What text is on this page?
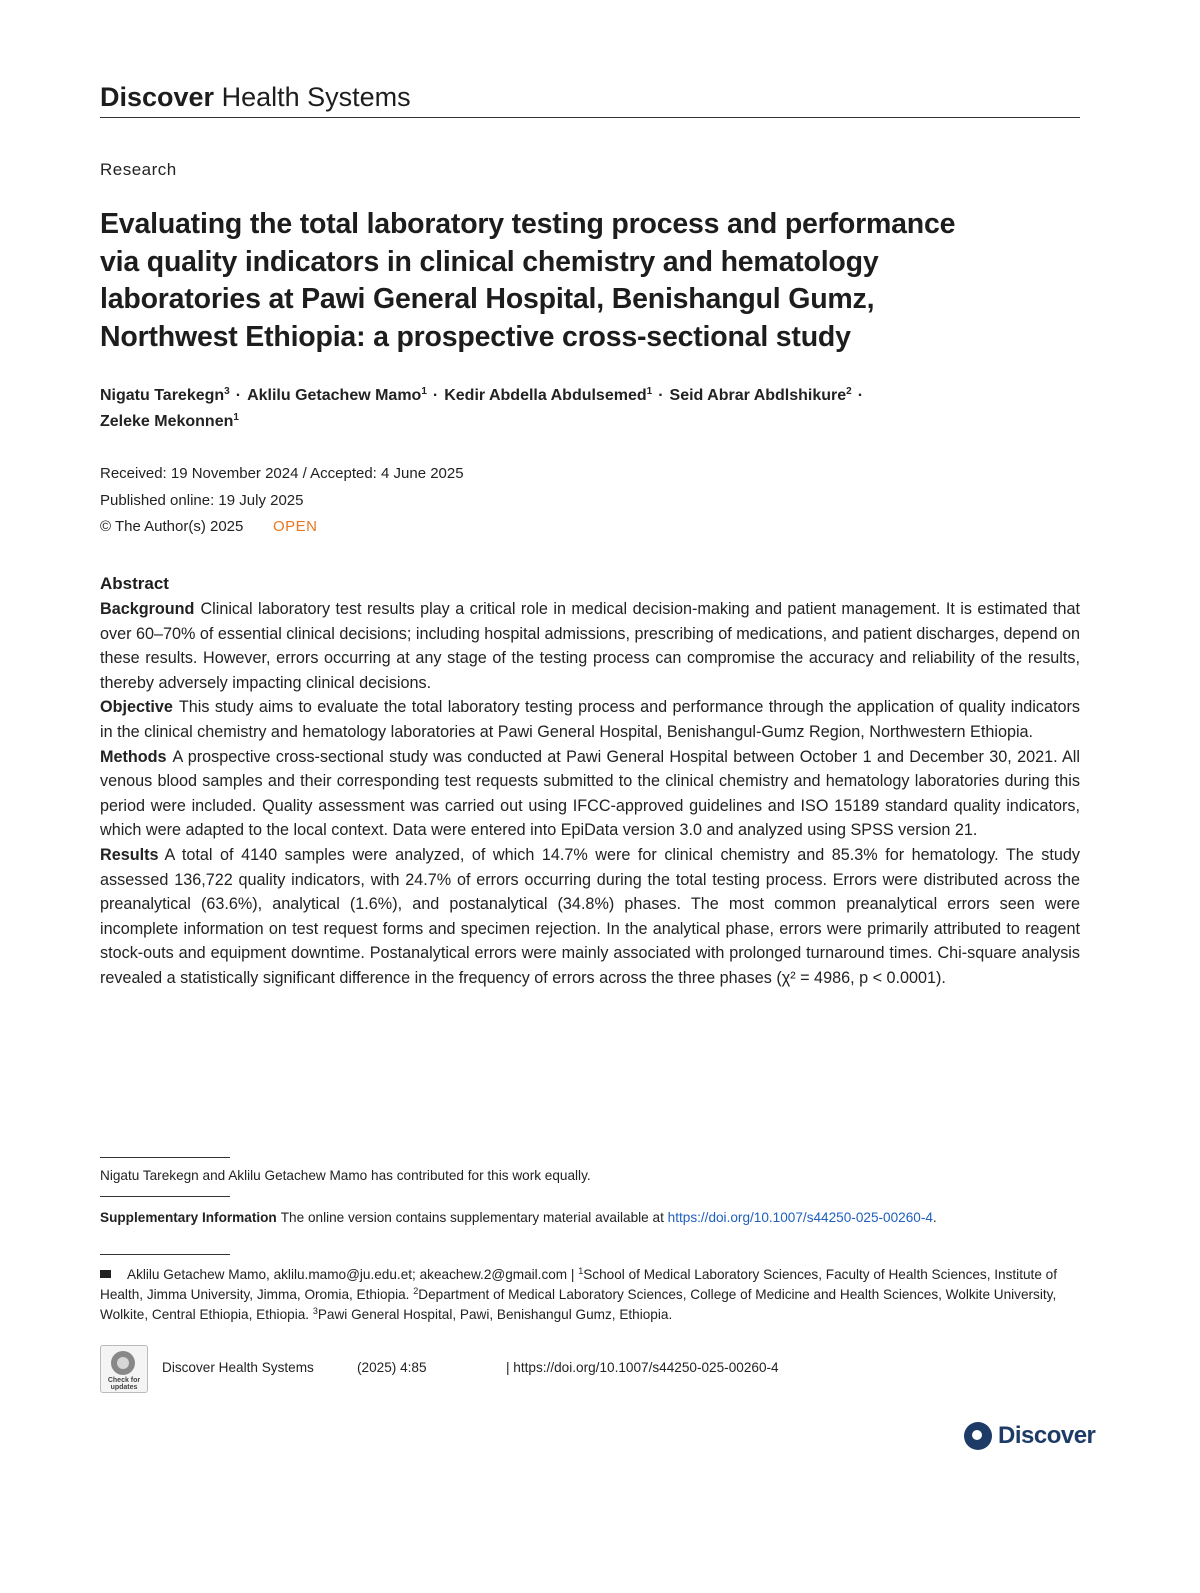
Discover Health Systems
Research
Evaluating the total laboratory testing process and performance via quality indicators in clinical chemistry and hematology laboratories at Pawi General Hospital, Benishangul Gumz, Northwest Ethiopia: a prospective cross-sectional study
Nigatu Tarekegn$^3$ · Aklilu Getachew Mamo$^1$ · Kedir Abdella Abdulsemed$^1$ · Seid Abrar Abdlshikure$^2$ ·
Zeleke Mekonnen$^1$
Received: 19 November 2024 / Accepted: 4 June 2025
Published online: 19 July 2025
© The Author(s) 2025 OPEN
Abstract

Background Clinical laboratory test results play a critical role in medical decision-making and patient management. It is estimated that over 60–70% of essential clinical decisions; including hospital admissions, prescribing of medications, and patient discharges, depend on these results. However, errors occurring at any stage of the testing process can compromise the accuracy and reliability of the results, thereby adversely impacting clinical decisions.

Objective This study aims to evaluate the total laboratory testing process and performance through the application of quality indicators in the clinical chemistry and hematology laboratories at Pawi General Hospital, Benishangul-Gumz Region, Northwestern Ethiopia.

Methods A prospective cross-sectional study was conducted at Pawi General Hospital between October 1 and December 30, 2021. All venous blood samples and their corresponding test requests submitted to the clinical chemistry and hematology laboratories during this period were included. Quality assessment was carried out using IFCC-approved guidelines and ISO 15189 standard quality indicators, which were adapted to the local context. Data were entered into EpiData version 3.0 and analyzed using SPSS version 21.

Results A total of 4140 samples were analyzed, of which 14.7% were for clinical chemistry and 85.3% for hematology. The study assessed 136,722 quality indicators, with 24.7% of errors occurring during the total testing process. Errors were distributed across the preanalytical (63.6%), analytical (1.6%), and postanalytical (34.8%) phases. The most common preanalytical errors seen were incomplete information on test request forms and specimen rejection. In the analytical phase, errors were primarily attributed to reagent stock-outs and equipment downtime. Postanalytical errors were mainly associated with prolonged turnaround times. Chi-square analysis revealed a statistically significant difference in the frequency of errors across the three phases (χ² = 4986, p < 0.0001).

Nigatu Tarekegn and Aklilu Getachew Mamo has contributed for this work equally.
Supplementary Information The online version contains supplementary material available at https://doi.org/10.1007/s44250-025-00260-4.
Aklilu Getachew Mamo, aklilu.mamo@ju.edu.et; akeachew.2@gmail.com | $^1$School of Medical Laboratory Sciences, Faculty of Health Sciences, Institute of Health, Jimma University, Jimma, Oromia, Ethiopia. $^2$Department of Medical Laboratory Sciences, College of Medicine and Health Sciences, Wolkite University, Wolkite, Central Ethiopia, Ethiopia. $^3$Pawi General Hospital, Pawi, Benishangul Gumz, Ethiopia.
Check for updates
Discover Health Systems	(2025) 4:85	| https://doi.org/10.1007/s44250-025-00260-4
Discover
